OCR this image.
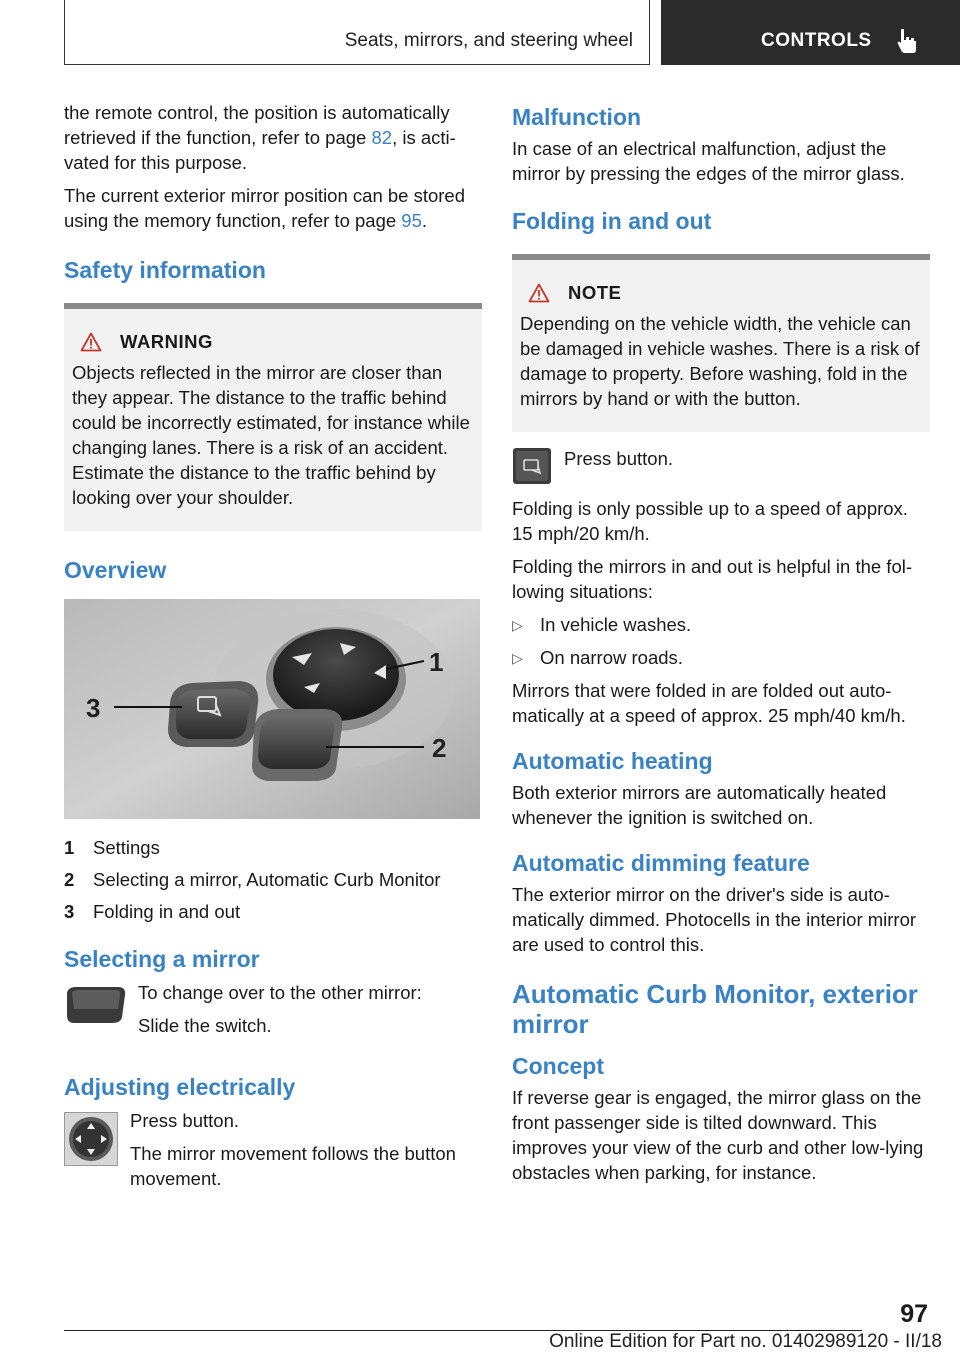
Seats, mirrors, and steering wheel	CONTROLS

the remote control, the position is automatically retrieved if the function, refer to page 82, is activated for this purpose.

The current exterior mirror position can be stored using the memory function, refer to page 95.

Safety information
WARNING
Objects reflected in the mirror are closer than they appear. The distance to the traffic behind could be incorrectly estimated, for instance while changing lanes. There is a risk of an accident. Estimate the distance to the traffic behind by looking over your shoulder.
Overview
1
2
3
1	Settings
2	Selecting a mirror, Automatic Curb Monitor
3	Folding in and out
Selecting a mirror

To change over to the other mirror:

Slide the switch.

Adjusting electrically

Press button.

The mirror movement follows the button movement.

Malfunction

In case of an electrical malfunction, adjust the mirror by pressing the edges of the mirror glass.

Folding in and out
NOTE
Depending on the vehicle width, the vehicle can be damaged in vehicle washes. There is a risk of damage to property. Before washing, fold in the mirrors by hand or with the button.
Press button.

Folding is only possible up to a speed of approx. 15 mph/20 km/h.

Folding the mirrors in and out is helpful in the following situations:

▷ In vehicle washes.
▷ On narrow roads.

Mirrors that were folded in are folded out automatically at a speed of approx. 25 mph/40 km/h.

Automatic heating

Both exterior mirrors are automatically heated whenever the ignition is switched on.

Automatic dimming feature

The exterior mirror on the driver's side is automatically dimmed. Photocells in the interior mirror are used to control this.

Automatic Curb Monitor, exterior mirror
Concept

If reverse gear is engaged, the mirror glass on the front passenger side is tilted downward. This improves your view of the curb and other low-lying obstacles when parking, for instance.

97
Online Edition for Part no. 01402989120 - II/18
